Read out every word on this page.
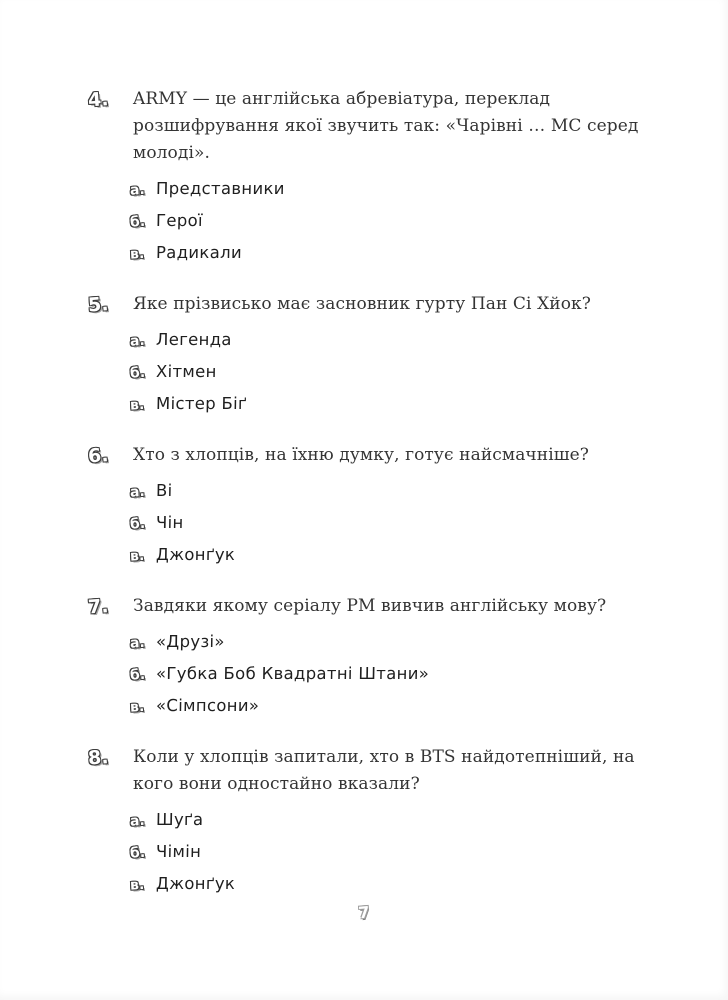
4.	ARMY — це англійська абревіатура, переклад розшифрування якої звучить так: «Чарівні … МС серед молоді».

а. Представники
б. Герої
в. Радикали
5.	Яке прізвисько має засновник гурту Пан Сі Хйок?

а. Легенда
б. Хітмен
в. Містер Біґ
6.	Хто з хлопців, на їхню думку, готує найсмачніше?

а. Ві
б. Чін
в. Джонґук
7.	Завдяки якому серіалу РМ вивчив англійську мову?

а. «Друзі»
б. «Губка Боб Квадратні Штани»
в. «Сімпсони»
8.	Коли у хлопців запитали, хто в BTS найдотепніший, на кого вони одностайно вказали?

а. Шуґа
б. Чімін
в. Джонґук
7
